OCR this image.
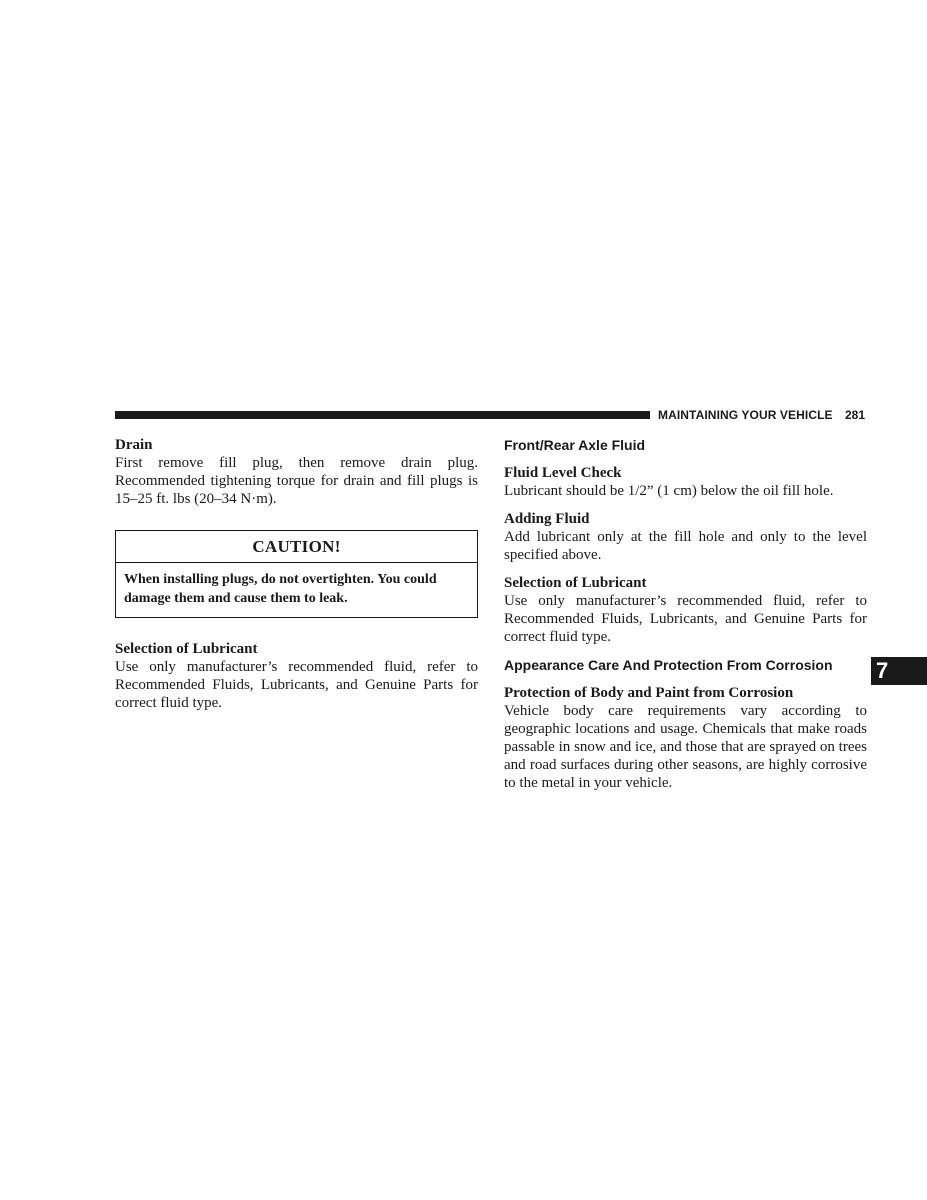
MAINTAINING YOUR VEHICLE 281

Drain

First remove fill plug, then remove drain plug. Recommended tightening torque for drain and fill plugs is 15–25 ft. lbs (20–34 N·m).

CAUTION!
When installing plugs, do not overtighten. You could damage them and cause them to leak.

Selection of Lubricant

Use only manufacturer’s recommended fluid, refer to Recommended Fluids, Lubricants, and Genuine Parts for correct fluid type.

Front/Rear Axle Fluid

Fluid Level Check

Lubricant should be 1/2” (1 cm) below the oil fill hole.

Adding Fluid

Add lubricant only at the fill hole and only to the level specified above.

Selection of Lubricant

Use only manufacturer’s recommended fluid, refer to Recommended Fluids, Lubricants, and Genuine Parts for correct fluid type.

Appearance Care And Protection From Corrosion

Protection of Body and Paint from Corrosion

Vehicle body care requirements vary according to geographic locations and usage. Chemicals that make roads passable in snow and ice, and those that are sprayed on trees and road surfaces during other seasons, are highly corrosive to the metal in your vehicle.

7
